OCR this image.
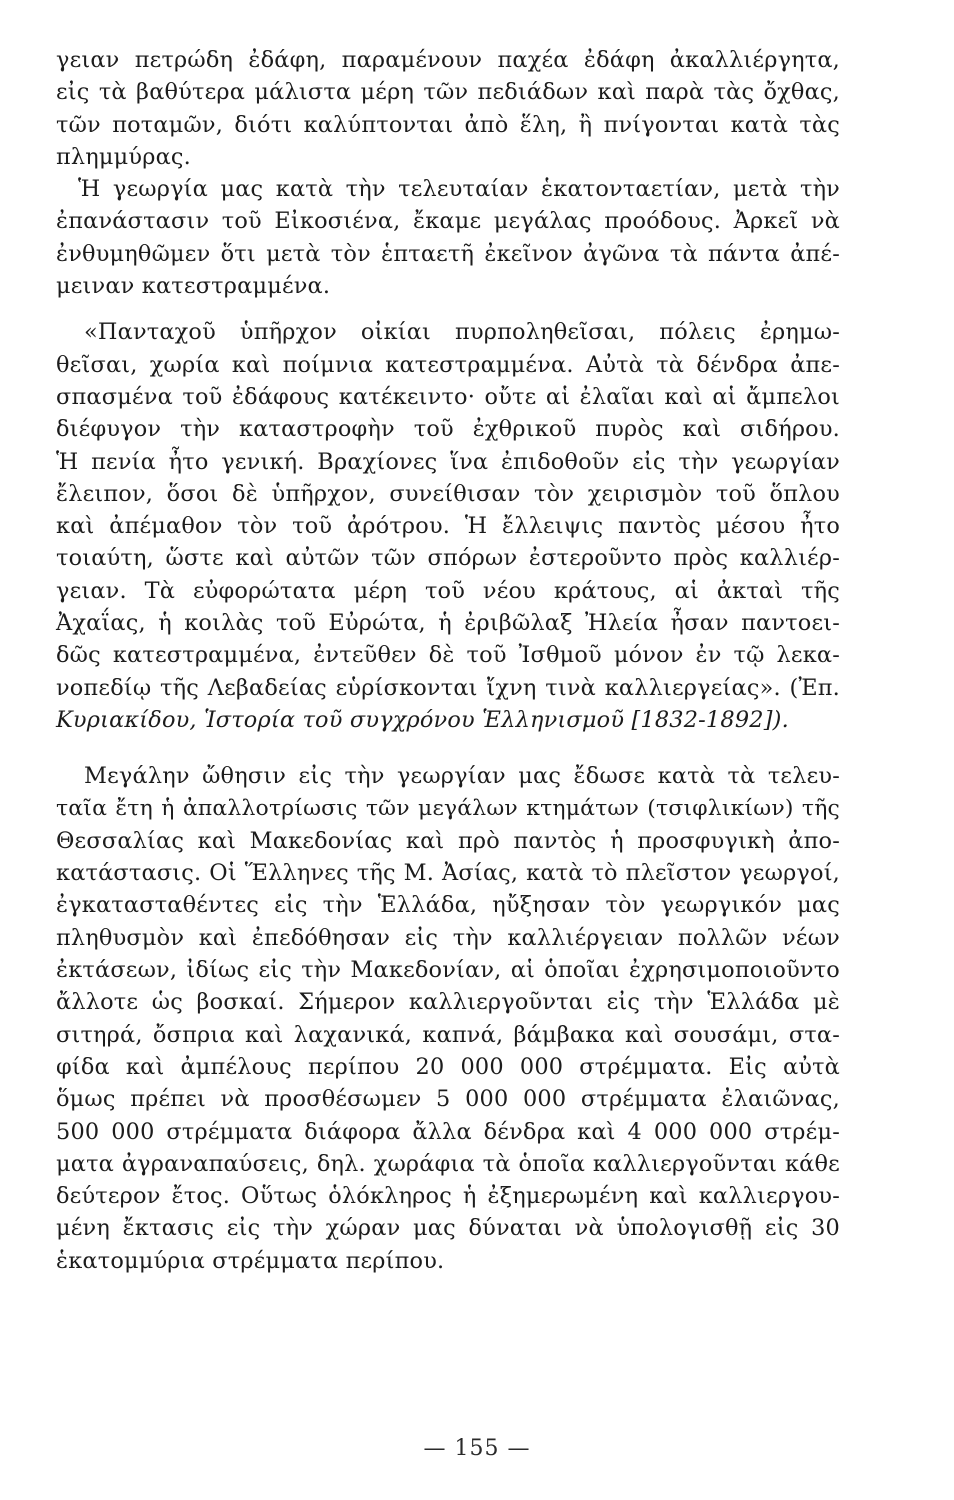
γειαν πετρώδη ἐδάφη, παραμένουν παχέα ἐδάφη ἀκαλλιέργητα,
εἰς τὰ βαθύτερα μάλιστα μέρη τῶν πεδιάδων καὶ παρὰ τὰς ὄχθας,
τῶν ποταμῶν, διότι καλύπτονται ἀπὸ ἕλη, ἢ πνίγονται κατὰ τὰς
πλημμύρας.
Ἡ γεωργία μας κατὰ τὴν τελευταίαν ἑκατονταετίαν, μετὰ τὴν
ἐπανάστασιν τοῦ Εἰκοσιένα, ἔκαμε μεγάλας προόδους. Ἀρκεῖ νὰ
ἐνθυμηθῶμεν ὅτι μετὰ τὸν ἑπταετῆ ἐκεῖνον ἀγῶνα τὰ πάντα ἀπέ-
μειναν κατεστραμμένα.
«Πανταχοῦ ὑπῆρχον οἰκίαι πυρποληθεῖσαι, πόλεις ἐρημω-
θεῖσαι, χωρία καὶ ποίμνια κατεστραμμένα. Αὐτὰ τὰ δένδρα ἀπε-
σπασμένα τοῦ ἐδάφους κατέκειντο· οὔτε αἱ ἐλαῖαι καὶ αἱ ἄμπελοι
διέφυγον τὴν καταστροφὴν τοῦ ἐχθρικοῦ πυρὸς καὶ σιδήρου.
Ἡ πενία ἦτο γενική. Βραχίονες ἵνα ἐπιδοθοῦν εἰς τὴν γεωργίαν
ἔλειπον, ὅσοι δὲ ὑπῆρχον, συνείθισαν τὸν χειρισμὸν τοῦ ὅπλου
καὶ ἀπέμαθον τὸν τοῦ ἀρότρου. Ἡ ἔλλειψις παντὸς μέσου ἦτο
τοιαύτη, ὥστε καὶ αὐτῶν τῶν σπόρων ἐστεροῦντο πρὸς καλλιέρ-
γειαν. Τὰ εὐφορώτατα μέρη τοῦ νέου κράτους, αἱ ἀκταὶ τῆς
Ἀχαΐας, ἡ κοιλὰς τοῦ Εὐρώτα, ἡ ἐριβῶλαξ Ἠλεία ἦσαν παντοει-
δῶς κατεστραμμένα, ἐντεῦθεν δὲ τοῦ Ἰσθμοῦ μόνον ἐν τῷ λεκα-
νοπεδίῳ τῆς Λεβαδείας εὑρίσκονται ἴχνη τινὰ καλλιεργείας». (Ἐπ.
Κυριακίδου, Ἱστορία τοῦ συγχρόνου Ἑλληνισμοῦ [1832-1892]).
Μεγάλην ὤθησιν εἰς τὴν γεωργίαν μας ἔδωσε κατὰ τὰ τελευ-
ταῖα ἔτη ἡ ἀπαλλοτρίωσις τῶν μεγάλων κτημάτων (τσιφλικίων) τῆς
Θεσσαλίας καὶ Μακεδονίας καὶ πρὸ παντὸς ἡ προσφυγικὴ ἀπο-
κατάστασις. Οἱ Ἕλληνες τῆς Μ. Ἀσίας, κατὰ τὸ πλεῖστον γεωργοί,
ἐγκατασταθέντες εἰς τὴν Ἑλλάδα, ηὔξησαν τὸν γεωργικόν μας
πληθυσμὸν καὶ ἐπεδόθησαν εἰς τὴν καλλιέργειαν πολλῶν νέων
ἐκτάσεων, ἰδίως εἰς τὴν Μακεδονίαν, αἱ ὁποῖαι ἐχρησιμοποιοῦντο
ἄλλοτε ὡς βοσκαί. Σήμερον καλλιεργοῦνται εἰς τὴν Ἑλλάδα μὲ
σιτηρά, ὄσπρια καὶ λαχανικά, καπνά, βάμβακα καὶ σουσάμι, στα-
φίδα καὶ ἀμπέλους περίπου 20 000 000 στρέμματα. Εἰς αὐτὰ
ὅμως πρέπει νὰ προσθέσωμεν 5 000 000 στρέμματα ἐλαιῶνας,
500 000 στρέμματα διάφορα ἄλλα δένδρα καὶ 4 000 000 στρέμ-
ματα ἀγραναπαύσεις, δηλ. χωράφια τὰ ὁποῖα καλλιεργοῦνται κάθε
δεύτερον ἔτος. Οὕτως ὁλόκληρος ἡ ἐξημερωμένη καὶ καλλιεργου-
μένη ἔκτασις εἰς τὴν χώραν μας δύναται νὰ ὑπολογισθῇ εἰς 30
ἑκατομμύρια στρέμματα περίπου.
— 155 —
